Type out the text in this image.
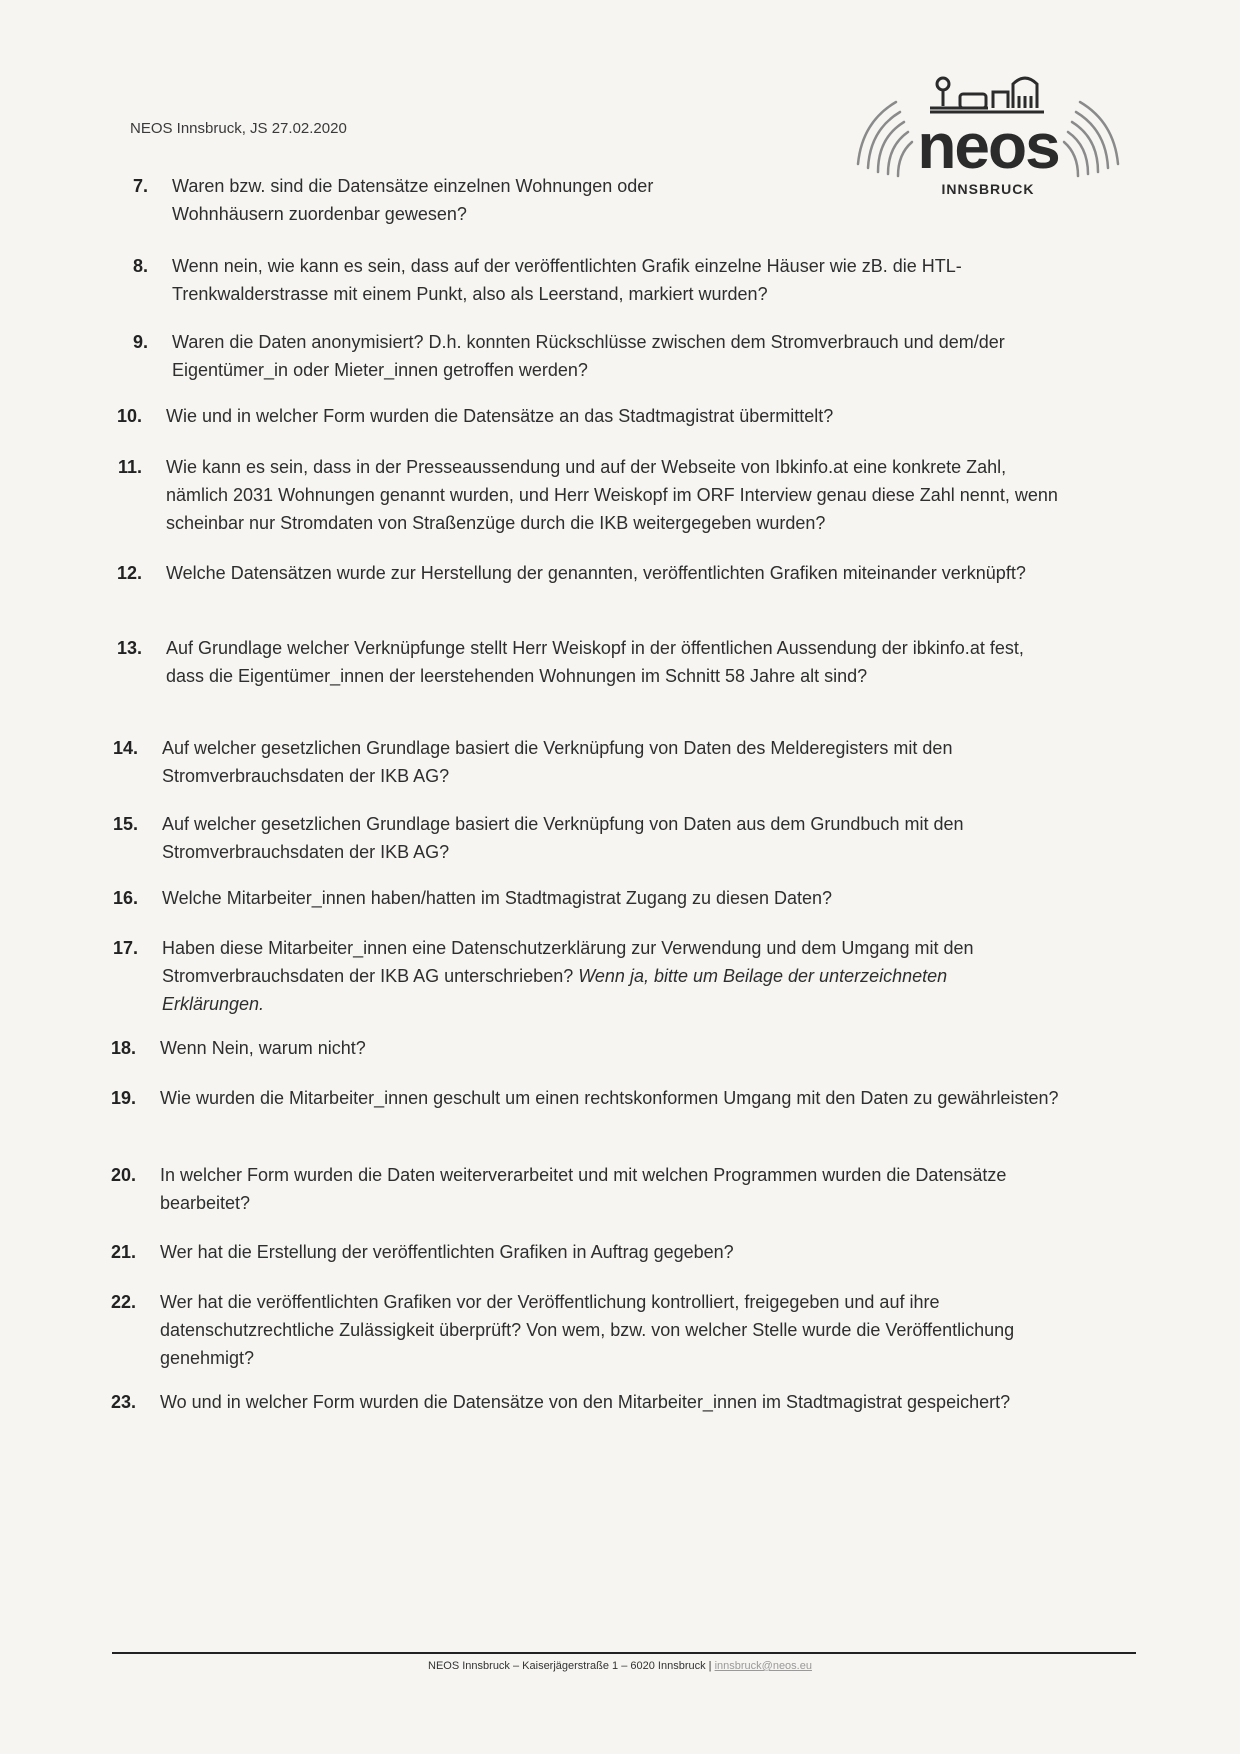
NEOS Innsbruck, JS 27.02.2020	neos
INNSBRUCK
7. Waren bzw. sind die Datensätze einzelnen Wohnungen oder Wohnhäusern zuordenbar gewesen?
8. Wenn nein, wie kann es sein, dass auf der veröffentlichten Grafik einzelne Häuser wie zB. die HTL-Trenkwalderstrasse mit einem Punkt, also als Leerstand, markiert wurden?
9. Waren die Daten anonymisiert? D.h. konnten Rückschlüsse zwischen dem Stromverbrauch und dem/der Eigentümer_in oder Mieter_innen getroffen werden?
10. Wie und in welcher Form wurden die Datensätze an das Stadtmagistrat übermittelt?
11. Wie kann es sein, dass in der Presseaussendung und auf der Webseite von Ibkinfo.at eine konkrete Zahl, nämlich 2031 Wohnungen genannt wurden, und Herr Weiskopf im ORF Interview genau diese Zahl nennt, wenn scheinbar nur Stromdaten von Straßenzüge durch die IKB weitergegeben wurden?
12. Welche Datensätzen wurde zur Herstellung der genannten, veröffentlichten Grafiken miteinander verknüpft?
13. Auf Grundlage welcher Verknüpfunge stellt Herr Weiskopf in der öffentlichen Aussendung der ibkinfo.at fest, dass die Eigentümer_innen der leerstehenden Wohnungen im Schnitt 58 Jahre alt sind?
14. Auf welcher gesetzlichen Grundlage basiert die Verknüpfung von Daten des Melderegisters mit den Stromverbrauchsdaten der IKB AG?
15. Auf welcher gesetzlichen Grundlage basiert die Verknüpfung von Daten aus dem Grundbuch mit den Stromverbrauchsdaten der IKB AG?
16. Welche Mitarbeiter_innen haben/hatten im Stadtmagistrat Zugang zu diesen Daten?
17. Haben diese Mitarbeiter_innen eine Datenschutzerklärung zur Verwendung und dem Umgang mit den Stromverbrauchsdaten der IKB AG unterschrieben? Wenn ja, bitte um Beilage der unterzeichneten Erklärungen.
18. Wenn Nein, warum nicht?
19. Wie wurden die Mitarbeiter_innen geschult um einen rechtskonformen Umgang mit den Daten zu gewährleisten?
20. In welcher Form wurden die Daten weiterverarbeitet und mit welchen Programmen wurden die Datensätze bearbeitet?
21. Wer hat die Erstellung der veröffentlichten Grafiken in Auftrag gegeben?
22. Wer hat die veröffentlichten Grafiken vor der Veröffentlichung kontrolliert, freigegeben und auf ihre datenschutzrechtliche Zulässigkeit überprüft? Von wem, bzw. von welcher Stelle wurde die Veröffentlichung genehmigt?
23. Wo und in welcher Form wurden die Datensätze von den Mitarbeiter_innen im Stadtmagistrat gespeichert?
NEOS Innsbruck – Kaiserjägerstraße 1 – 6020 Innsbruck | innsbruck@neos.eu
